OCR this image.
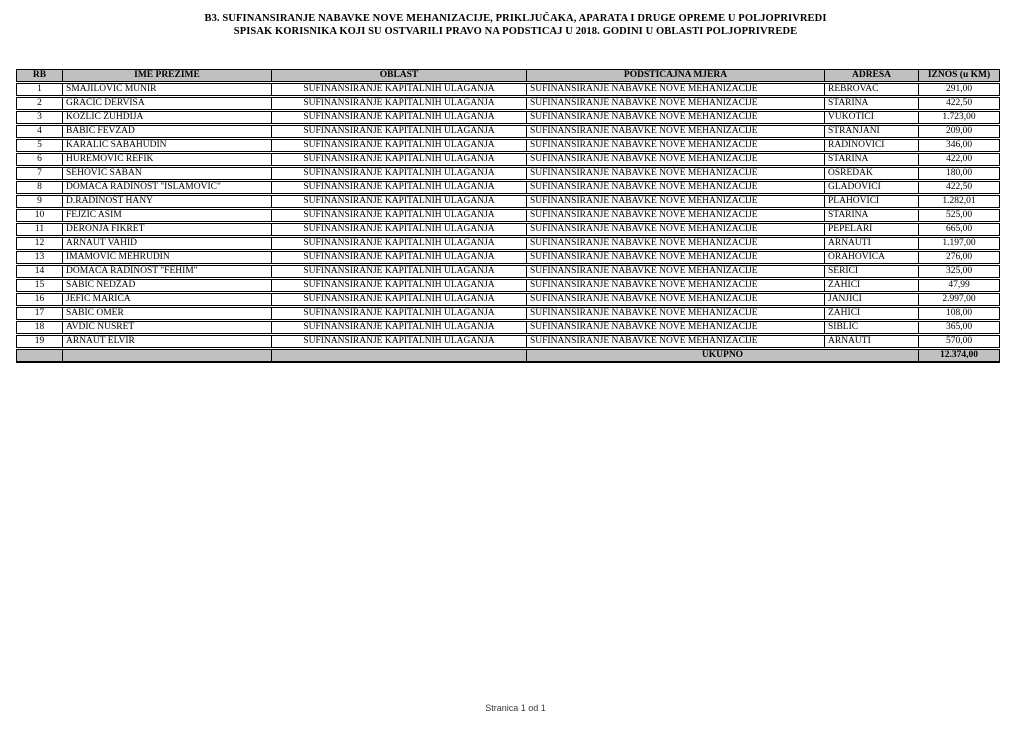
B3. SUFINANSIRANJE NABAVKE NOVE MEHANIZACIJE, PRIKLJUČAKA, APARATA I DRUGE OPREME U POLJOPRIVREDI
SPISAK KORISNIKA KOJI SU OSTVARILI PRAVO NA PODSTICAJ U 2018. GODINI U OBLASTI POLJOPRIVREDE
RB	IME PREZIME	OBLAST	PODSTICAJNA MJERA	ADRESA	IZNOS (u KM)
1	SMAJILOVIĆ MUNIR	SUFINANSIRANJE KAPITALNIH ULAGANJA	SUFINANSIRANJE NABAVKE NOVE MEHANIZACIJE	REBROVAC	291,00
2	GRAČIĆ DERVIŠA	SUFINANSIRANJE KAPITALNIH ULAGANJA	SUFINANSIRANJE NABAVKE NOVE MEHANIZACIJE	STARINA	422,50
3	KOZLIĆ ZUHDIJA	SUFINANSIRANJE KAPITALNIH ULAGANJA	SUFINANSIRANJE NABAVKE NOVE MEHANIZACIJE	VUKOTIĆI	1.723,00
4	BABIĆ FEVZAD	SUFINANSIRANJE KAPITALNIH ULAGANJA	SUFINANSIRANJE NABAVKE NOVE MEHANIZACIJE	STRANJANI	209,00
5	KARALIĆ SABAHUDIN	SUFINANSIRANJE KAPITALNIH ULAGANJA	SUFINANSIRANJE NABAVKE NOVE MEHANIZACIJE	RADINOVIĆI	346,00
6	HUREMOVIĆ REFIK	SUFINANSIRANJE KAPITALNIH ULAGANJA	SUFINANSIRANJE NABAVKE NOVE MEHANIZACIJE	STARINA	422,00
7	ŠEHOVIĆ ŠABAN	SUFINANSIRANJE KAPITALNIH ULAGANJA	SUFINANSIRANJE NABAVKE NOVE MEHANIZACIJE	OSREDAK	180,00
8	DOMAĆA RADINOST "ISLAMOVIĆ"	SUFINANSIRANJE KAPITALNIH ULAGANJA	SUFINANSIRANJE NABAVKE NOVE MEHANIZACIJE	GLADOVIĆI	422,50
9	D.RADINOST HANY	SUFINANSIRANJE KAPITALNIH ULAGANJA	SUFINANSIRANJE NABAVKE NOVE MEHANIZACIJE	PLAHOVIĆI	1.282,01
10	FEJZIĆ ASIM	SUFINANSIRANJE KAPITALNIH ULAGANJA	SUFINANSIRANJE NABAVKE NOVE MEHANIZACIJE	STARINA	525,00
11	DERONJA FIKRET	SUFINANSIRANJE KAPITALNIH ULAGANJA	SUFINANSIRANJE NABAVKE NOVE MEHANIZACIJE	PEPELARI	665,00
12	ARNAUT VAHID	SUFINANSIRANJE KAPITALNIH ULAGANJA	SUFINANSIRANJE NABAVKE NOVE MEHANIZACIJE	ARNAUTI	1.197,00
13	IMAMOVIĆ MEHRUDIN	SUFINANSIRANJE KAPITALNIH ULAGANJA	SUFINANSIRANJE NABAVKE NOVE MEHANIZACIJE	ORAHOVICA	276,00
14	DOMAĆA RADINOST "FEHIM"	SUFINANSIRANJE KAPITALNIH ULAGANJA	SUFINANSIRANJE NABAVKE NOVE MEHANIZACIJE	ŠERIĆI	325,00
15	ŠABIĆ NEDŽAD	SUFINANSIRANJE KAPITALNIH ULAGANJA	SUFINANSIRANJE NABAVKE NOVE MEHANIZACIJE	ZAHIĆI	47,99
16	JEFIĆ MARICA	SUFINANSIRANJE KAPITALNIH ULAGANJA	SUFINANSIRANJE NABAVKE NOVE MEHANIZACIJE	JANJIĆI	2.997,00
17	ŠABIĆ OMER	SUFINANSIRANJE KAPITALNIH ULAGANJA	SUFINANSIRANJE NABAVKE NOVE MEHANIZACIJE	ZAHIĆI	108,00
18	AVDIĆ NUSRET	SUFINANSIRANJE KAPITALNIH ULAGANJA	SUFINANSIRANJE NABAVKE NOVE MEHANIZACIJE	ŠIBLIĆ	365,00
19	ARNAUT ELVIR	SUFINANSIRANJE KAPITALNIH ULAGANJA	SUFINANSIRANJE NABAVKE NOVE MEHANIZACIJE	ARNAUTI	570,00
			UKUPNO		12.374,00
Stranica 1 od 1
